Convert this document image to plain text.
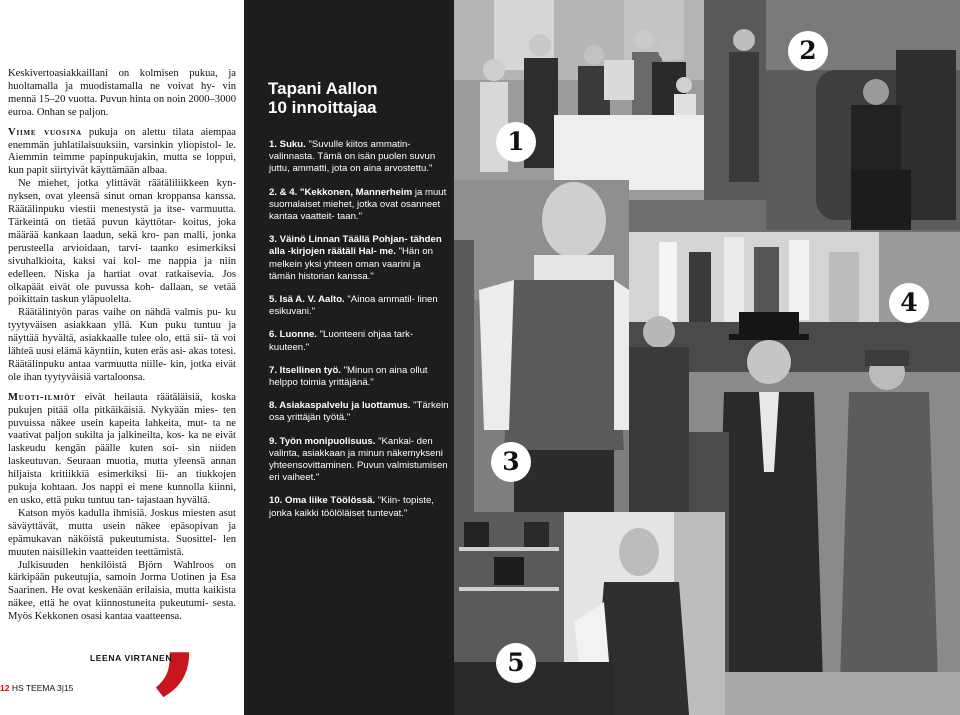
Keskivertoasiakkaillani on kolmisen pukua, ja huoltamalla ja muodistamalla ne voivat hy- vin mennä 15–20 vuotta. Puvun hinta on noin 2000–3000 euroa. Onhan se paljon.

Viime vuosina pukuja on alettu tilata aiempaa enemmän juhlatilaisuuksiin, varsinkin yliopistol- le. Aiemmin teimme papinpukujakin, mutta se loppui, kun papit siirtyivät käyttämään albaa.

Ne miehet, jotka ylittävät räätäliliikkeen kyn- nyksen, ovat yleensä sinut oman kroppansa kanssa. Räätälinpuku viestii menestystä ja itse- varmuutta. Tärkeintä on tietää puvun käyttötar- koitus, joka määrää kankaan laadun, sekä kro- pan malli, jonka perusteella arvioidaan, tarvi- taanko esimerkiksi sivuhalkioita, kaksi vai kol- me nappia ja niin edelleen. Niska ja hartiat ovat ratkaisevia. Jos olkapäät eivät ole puvussa koh- dallaan, se vetää poikittain taskun yläpuolelta.

Räätälintyön paras vaihe on nähdä valmis pu- ku tyytyväisen asiakkaan yllä. Kun puku tuntuu ja näyttää hyvältä, asiakkaalle tulee olo, että sii- tä voi lähteä uusi elämä käyntiin, kuten eräs asi- akas totesi. Räätälinpuku antaa varmuutta niille- kin, jotka eivät ole ihan tyytyväisiä vartaloonsa.

Muoti-ilmiöt eivät heilauta räätäläisiä, koska pukujen pitää olla pitkäikäisiä. Nykyään mies- ten puvuissa näkee usein kapeita lahkeita, mut- ta ne vaativat paljon sukilta ja jalkineilta, kos- ka ne eivät laskeudu kengän päälle kuten soi- sin niiden laskeutuvan. Seuraan muotia, mutta yleensä annan hiljaista kritiikkiä esimerkiksi lii- an tiukkojen pukuja kohtaan. Jos nappi ei mene kunnolla kiinni, en usko, että puku tuntuu tan- tajastaan hyvältä.

Katson myös kadulla ihmisiä. Joskus miesten asut säväyttävät, mutta usein näkee epäsopivan ja epämukavan näköistä pukeutumista. Suosittel- len muuten naisillekin vaatteiden teettämistä.

Julkisuuden henkilöistä Björn Wahlroos on kärkipään pukeutujia, samoin Jorma Uotinen ja Esa Saarinen. He ovat keskenään erilaisia, mutta kaikista näkee, että he ovat kiinnostuneita pukeutumi- sesta. Myös Kekkonen osasi kantaa vaatteensa.

,
LEENA VIRTANEN
12 HS TEEMA 3|15
Tapani Aallon
10 innoittajaa
1. Suku. "Suvulle kiitos ammatin- valinnasta. Tämä on isän puolen suvun juttu, ammatti, jota on aina arvostettu."
2. & 4. "Kekkonen, Mannerheim ja muut suomalaiset miehet, jotka ovat osanneet kantaa vaatteit- taan."
3. Väinö Linnan Täällä Pohjan- tähden alla -kirjojen räätäli Hal- me. "Hän on melkein yksi yhteen oman vaarini ja tämän historian kanssa."
5. Isä A. V. Aalto. "Ainoa ammatil- linen esikuvani."
6. Luonne. "Luonteeni ohjaa tark- kuuteen."
7. Itsellinen työ. "Minun on aina ollut helppo toimia yrittäjänä."
8. Asiakaspalvelu ja luottamus. "Tärkein osa yrittäjän työtä."
9. Työn monipuolisuus. "Kankai- den valinta, asiakkaan ja minun näkemykseni yhteensovittaminen. Puvun valmistumisen eri vaiheet."
10. Oma liike Töölössä. "Kiin- topiste, jonka kaikki töölöläiset tuntevat."
1
2
3
4
5
